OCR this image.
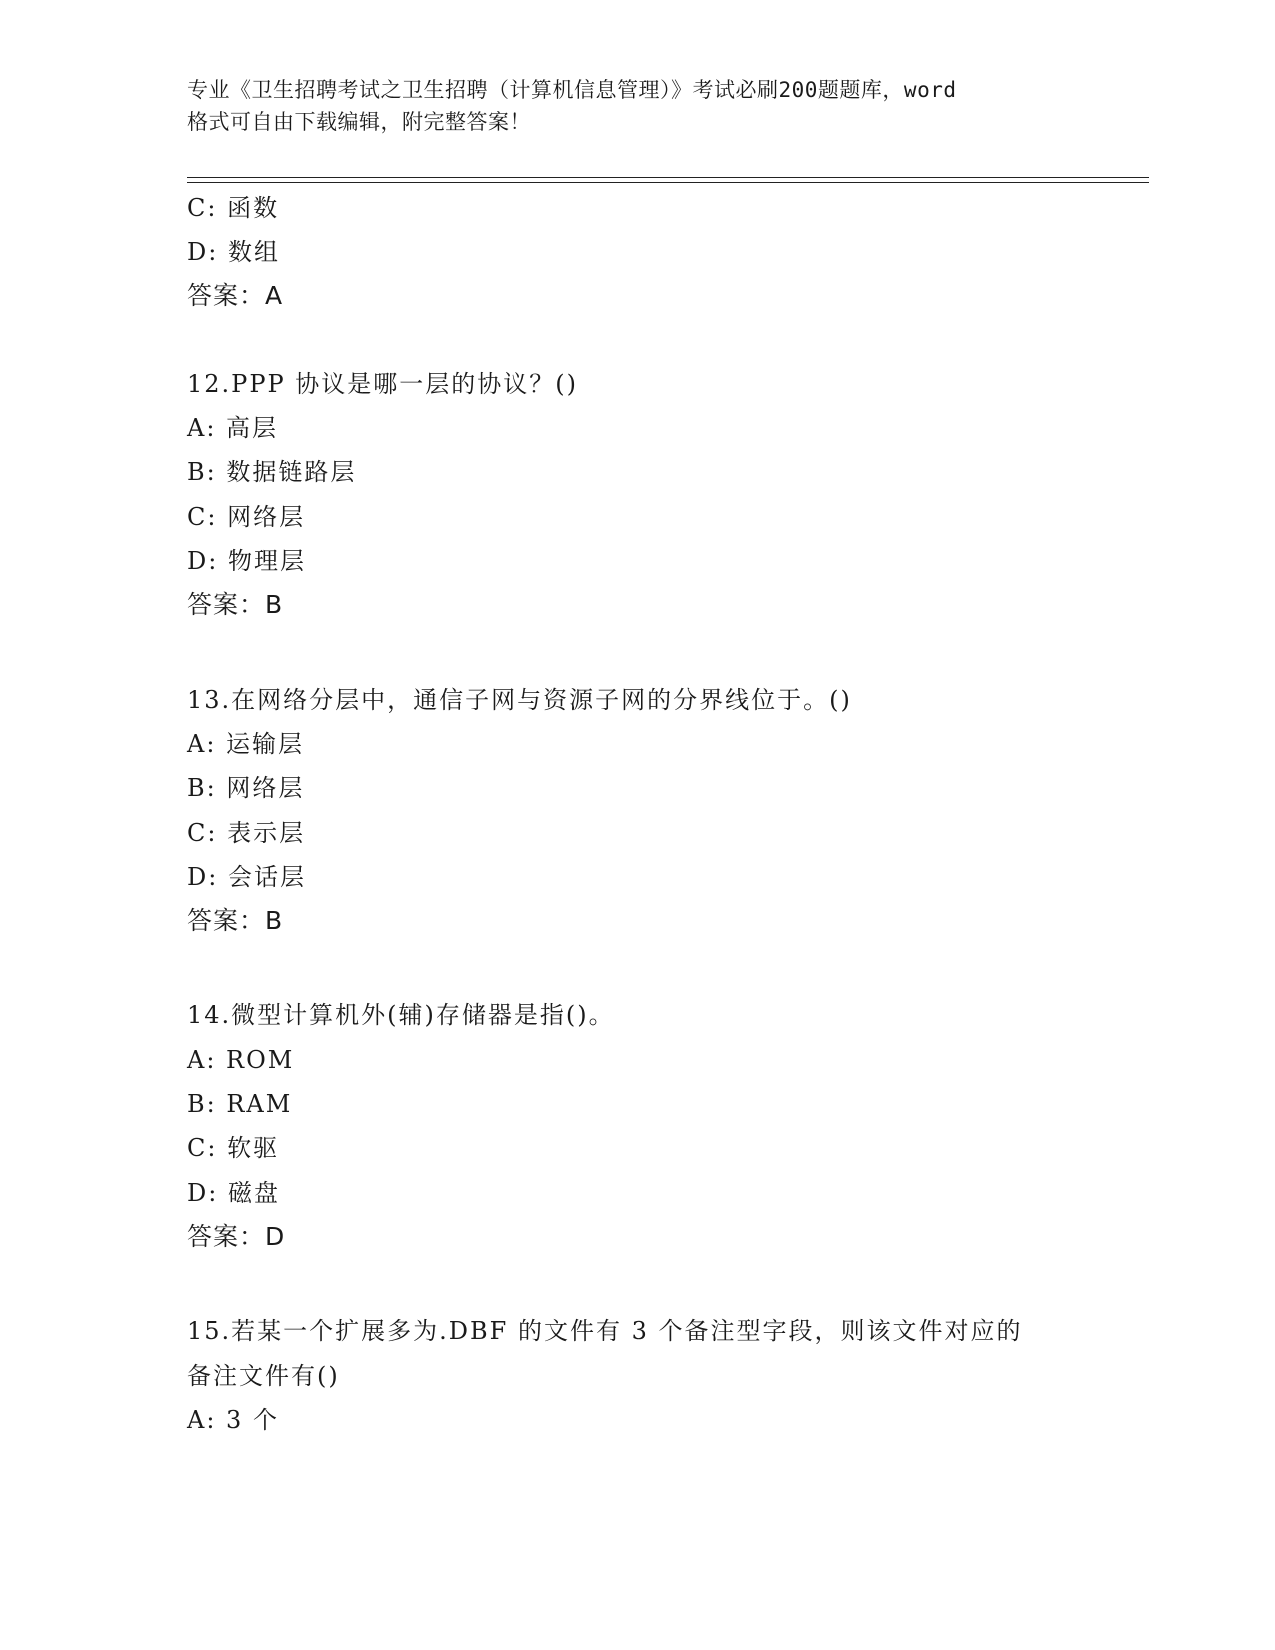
专业《卫生招聘考试之卫生招聘（计算机信息管理）》考试必刷200题题库，word
格式可自由下载编辑，附完整答案！
C: 函数
D: 数组
答案：A
12.PPP 协议是哪一层的协议？()
A: 高层
B: 数据链路层
C: 网络层
D: 物理层
答案：B
13.在网络分层中，通信子网与资源子网的分界线位于。()
A: 运输层
B: 网络层
C: 表示层
D: 会话层
答案：B
14.微型计算机外(辅)存储器是指()。
A: ROM
B: RAM
C: 软驱
D: 磁盘
答案：D
15.若某一个扩展多为.DBF 的文件有 3 个备注型字段，则该文件对应的
备注文件有()
A: 3 个
